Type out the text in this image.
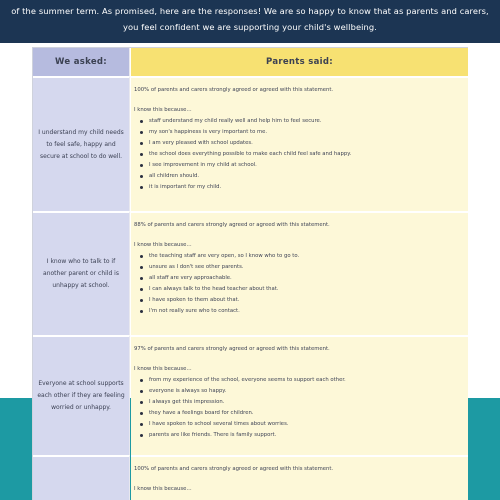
of the summer term. As promised, here are the responses! We are so happy to know that as parents and carers, you feel confident we are supporting your child's wellbeing.
We asked:	Parents said:
I understand my child needs to feel safe, happy and secure at school to do well.
100% of parents and carers strongly agreed or agreed with this statement.
I know this because…
staff understand my child really well and help him to feel secure.
my son's happiness is very important to me.
I am very pleased with school updates.
the school does everything possible to make each child feel safe and happy.
I see improvement in my child at school.
all children should.
it is important for my child.
I know who to talk to if another parent or child is unhappy at school.
88% of parents and carers strongly agreed or agreed with this statement.
I know this because…
the teaching staff are very open, so I know who to go to.
unsure as I don't see other parents.
all staff are very approachable.
I can always talk to the head teacher about that.
I have spoken to them about that.
I'm not really sure who to contact.
Everyone at school supports each other if they are feeling worried or unhappy.
97% of parents and carers strongly agreed or agreed with this statement.
I know this because…
from my experience of the school, everyone seems to support each other.
everyone is always so happy.
I always get this impression.
they have a feelings board for children.
I have spoken to school several times about worries.
parents are like friends. There is family support.
100% of parents and carers strongly agreed or agreed with this statement.
I know this because…
